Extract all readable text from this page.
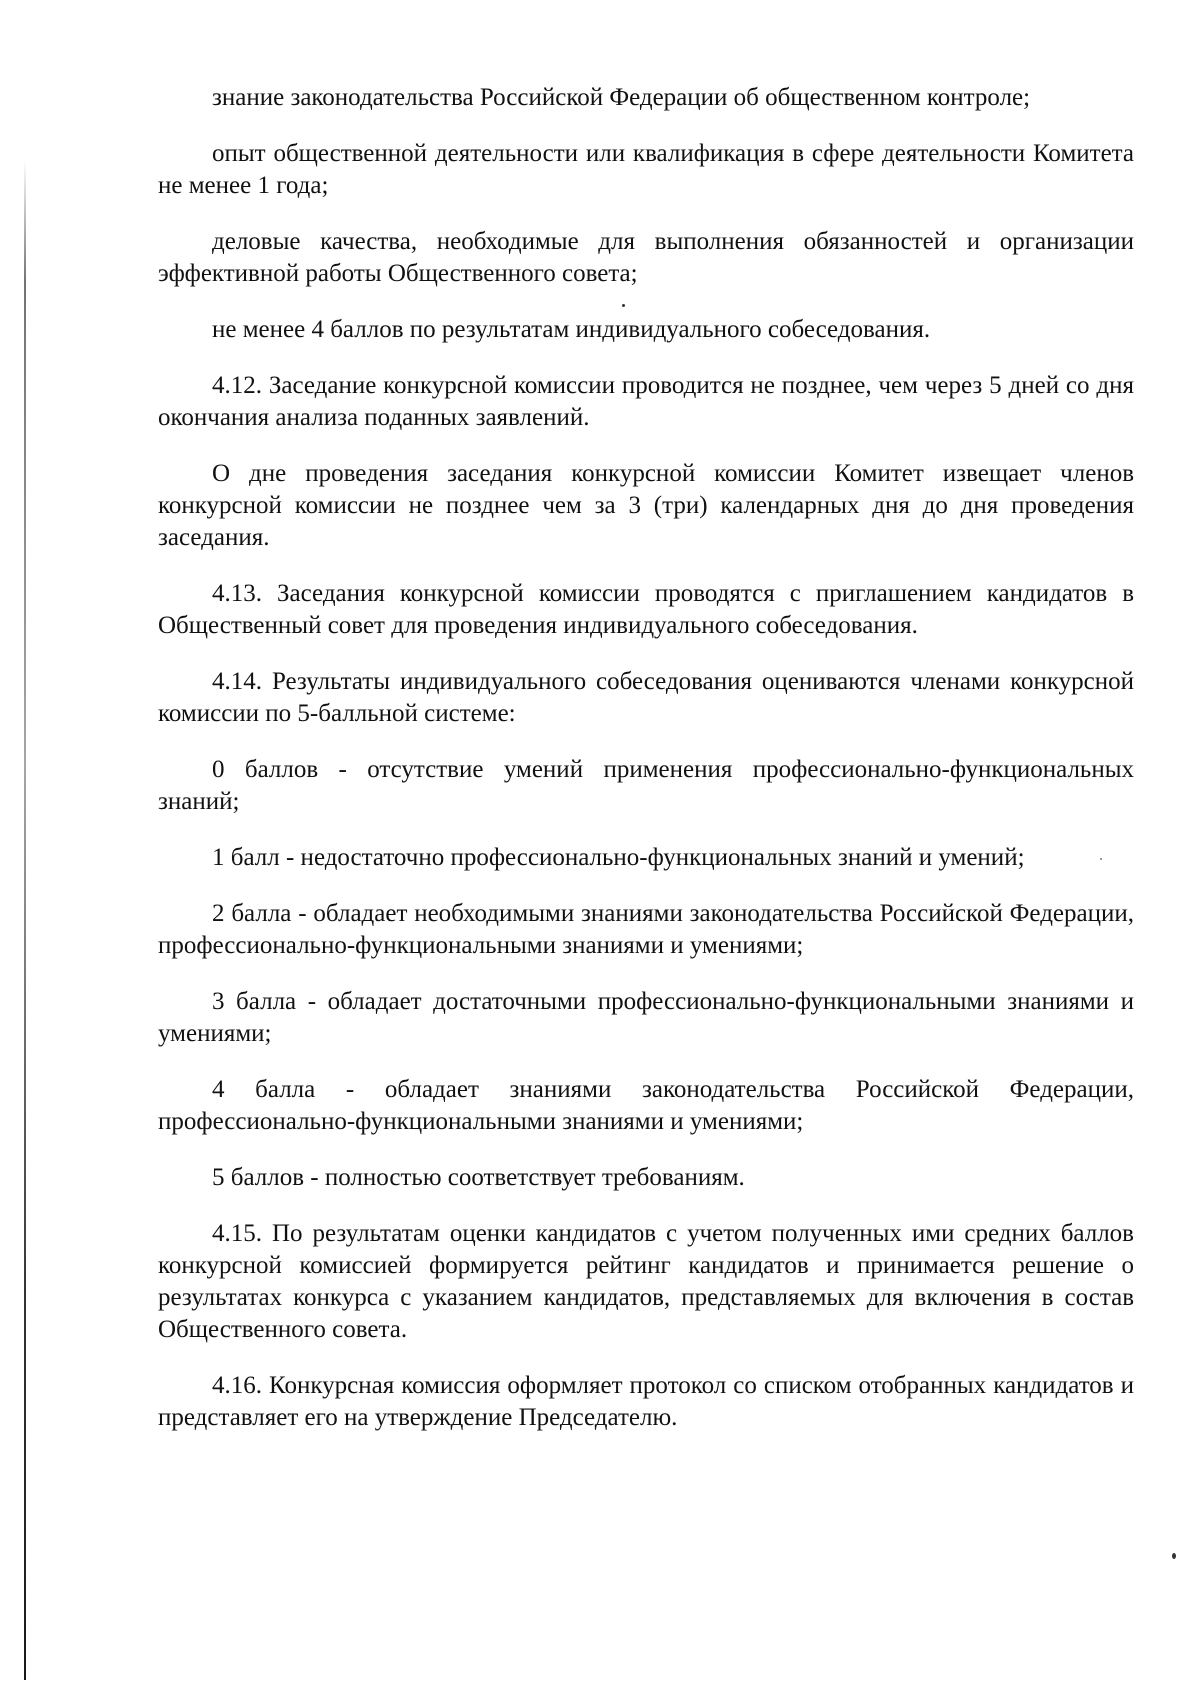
знание законодательства Российской Федерации об общественном контроле;

опыт общественной деятельности или квалификация в сфере деятельности Комитета не менее 1 года;

деловые качества, необходимые для выполнения обязанностей и организации эффективной работы Общественного совета;

не менее 4 баллов по результатам индивидуального собеседования.

4.12. Заседание конкурсной комиссии проводится не позднее, чем через 5 дней со дня окончания анализа поданных заявлений.

О дне проведения заседания конкурсной комиссии Комитет извещает членов конкурсной комиссии не позднее чем за 3 (три) календарных дня до дня проведения заседания.

4.13. Заседания конкурсной комиссии проводятся с приглашением кандидатов в Общественный совет для проведения индивидуального собеседования.

4.14. Результаты индивидуального собеседования оцениваются членами конкурсной комиссии по 5-балльной системе:

0 баллов - отсутствие умений применения профессионально-функциональных знаний;

1 балл - недостаточно профессионально-функциональных знаний и умений;

2 балла - обладает необходимыми знаниями законодательства Российской Федерации, профессионально-функциональными знаниями и умениями;

3 балла - обладает достаточными профессионально-функциональными знаниями и умениями;

4 балла - обладает знаниями законодательства Российской Федерации, профессионально-функциональными знаниями и умениями;

5 баллов - полностью соответствует требованиям.

4.15. По результатам оценки кандидатов с учетом полученных ими средних баллов конкурсной комиссией формируется рейтинг кандидатов и принимается решение о результатах конкурса с указанием кандидатов, представляемых для включения в состав Общественного совета.

4.16. Конкурсная комиссия оформляет протокол со списком отобранных кандидатов и представляет его на утверждение Председателю.
